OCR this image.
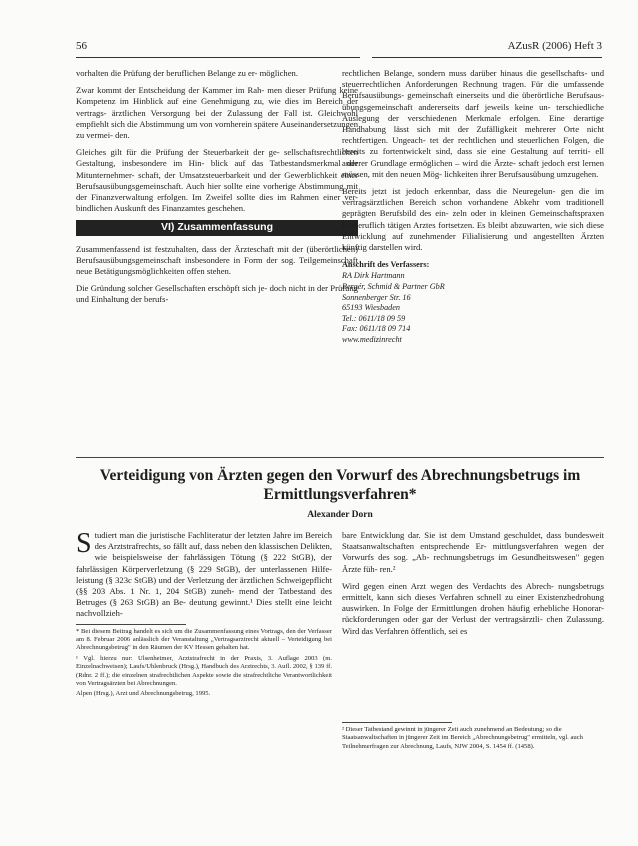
56	AZusR (2006) Heft 3

vorhalten die Prüfung der beruflichen Belange zu er- möglichen.

Zwar kommt der Entscheidung der Kammer im Rah- men dieser Prüfung keine Kompetenz im Hinblick auf eine Genehmigung zu, wie dies im Bereich der vertrags- ärztlichen Versorgung bei der Zulassung der Fall ist. Gleichwohl empfiehlt sich die Abstimmung um von vornherein spätere Auseinandersetzungen zu vermei- den.

Gleiches gilt für die Prüfung der Steuerbarkeit der ge- sellschaftsrechtlichen Gestaltung, insbesondere im Hin- blick auf das Tatbestandsmerkmal der Mitunternehmer- schaft, der Umsatzsteuerbarkeit und der Gewerblichkeit einer Berufsausübungsgemeinschaft. Auch hier sollte eine vorherige Abstimmung mit der Finanzverwaltung erfolgen. Im Zweifel sollte dies im Rahmen einer ver- bindlichen Auskunft des Finanzamtes geschehen.

VI) Zusammenfassung

Zusammenfassend ist festzuhalten, dass der Ärzteschaft mit der (überörtlichen) Berufsausübungsgemeinschaft insbesondere in Form der sog. Teilgemeinschaft neue Betätigungsmöglichkeiten offen stehen.

Die Gründung solcher Gesellschaften erschöpft sich je- doch nicht in der Prüfung und Einhaltung der berufs-

rechtlichen Belange, sondern muss darüber hinaus die gesellschafts- und steuerrechtlichen Anforderungen Rechnung tragen. Für die umfassende Berufsausübungs- gemeinschaft einerseits und die überörtliche Berufsaus- übungsgemeinschaft andererseits darf jeweils keine un- terschiedliche Auslegung der verschiedenen Merkmale erfolgen. Eine derartige Handhabung lässt sich mit der Zufälligkeit mehrerer Orte nicht rechtfertigen. Ungeach- tet der rechtlichen und steuerlichen Folgen, die bereits zu fortentwickelt sind, dass sie eine Gestaltung auf territi- ell anderer Grundlage ermöglichen – wird die Ärzte- schaft jedoch erst lernen müssen, mit den neuen Mög- lichkeiten ihrer Berufsausübung umzugehen.

Bereits jetzt ist jedoch erkennbar, dass die Neuregelun- gen die im vertragsärztlichen Bereich schon vorhandene Abkehr vom traditionell geprägten Berufsbild des ein- zeln oder in kleinen Gemeinschaftspraxen freiberuflich tätigen Arztes fortsetzen. Es bleibt abzuwarten, wie sich diese Entwicklung auf zunehmender Filialisierung und angestellten Ärzten künftig darstellen wird.

Anschrift des Verfassers:
RA Dirk Hartmann
Bergér, Schmid & Partner GbR
Sonnenberger Str. 16
65193 Wiesbaden
Tel.: 0611/18 09 59
Fax: 0611/18 09 714
www.medizinrecht
Verteidigung von Ärzten gegen den Vorwurf des Abrechnungsbetrugs im Ermittlungsverfahren*
Alexander Dorn

Studiert man die juristische Fachliteratur der letzten Jahre im Bereich des Arztstrafrechts, so fällt auf, dass neben den klassischen Delikten, wie beispielsweise der fahrlässigen Tötung (§ 222 StGB), der fahrlässigen Körperverletzung (§ 229 StGB), der unterlassenen Hilfe- leistung (§ 323c StGB) und der Verletzung der ärztlichen Schweigepflicht (§§ 203 Abs. 1 Nr. 1, 204 StGB) zuneh- mend der Tatbestand des Betruges (§ 263 StGB) an Be- deutung gewinnt.¹ Dies stellt eine leicht nachvollzieh-

* Bei diesem Beitrag handelt es sich um die Zusammenfassung eines Vortrags, den der Verfasser am 8. Februar 2006 anlässlich der Veranstaltung „Vertragsarztrecht aktuell – Verteidigung bei Abrechnungsbetrug" in den Räumen der KV Hessen gehalten hat.

¹ Vgl. hierzu nur: Ulsenheimer, Arztstrafrecht in der Praxis, 3. Auflage 2003 (m. Einzelnachweisen); Laufs/Uhlenbruck (Hrsg.), Handbuch des Arztrechts, 3. Aufl. 2002, § 139 ff. (Rdnr. 2 ff.); die einzelnen strafrechtlichen Aspekte sowie die strafrechtliche Verantwortlichkeit von Vertragsärzten bei Abrechnungen.

Alpen (Hrsg.), Arzt und Abrechnungsbetrug, 1995.

bare Entwicklung dar. Sie ist dem Umstand geschuldet, dass bundesweit Staatsanwaltschaften entsprechende Er- mittlungsverfahren wegen der Vorwurfs des sog. „Ab- rechnungsbetrugs im Gesundheitswesen" gegen Ärzte füh- ren.²

Wird gegen einen Arzt wegen des Verdachts des Abrech- nungsbetrugs ermittelt, kann sich dieses Verfahren schnell zu einer Existenzbedrohung auswirken. In Folge der Ermittlungen drohen häufig erhebliche Honorar- rückforderungen oder gar der Verlust der vertragsärztli- chen Zulassung. Wird das Verfahren öffentlich, sei es

² Dieser Tatbestand gewinnt in jüngerer Zeit auch zunehmend an Bedeutung; so die Staatsanwaltschaften in jüngerer Zeit im Bereich „Abrechnungsbetrug" ermitteln, vgl. auch Teilnehmerfragen zur Abrechnung, Laufs, NJW 2004, S. 1454 ff. (1458).
